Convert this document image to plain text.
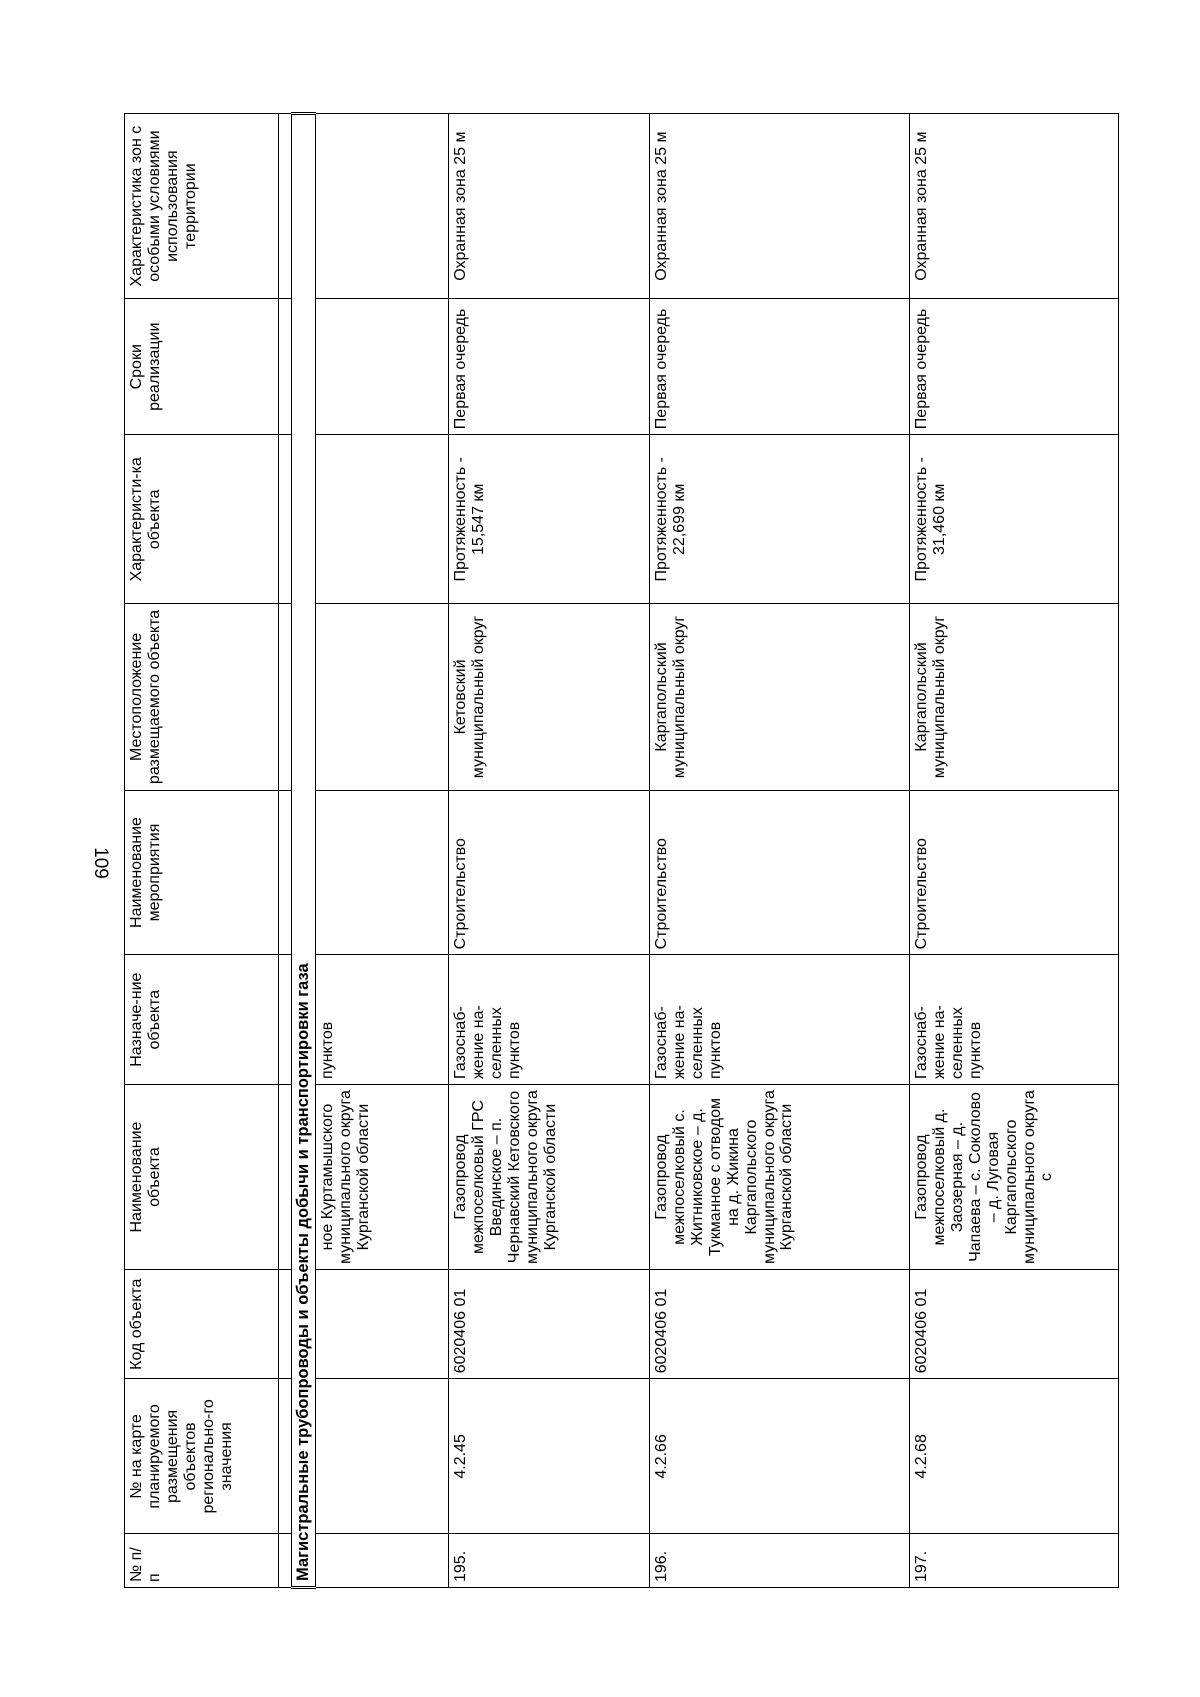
109
№ п/п	№ на карте планируемого размещения объектов регионально-го значения	Код объекта	Наименование объекта	Назначе-ние объекта	Наименование мероприятия	Местоположение размещаемого объекта	Характеристи-ка объекта	Сроки реализации	Характеристика зон с особыми условиями использования территории

Магистральные трубопроводы и объекты добычи и транспортировки газа									
			ное Куртамышского муниципального округа Курганской области	пунктов					
195.	4.2.45	6020406 01	Газопровод межпоселковый ГРС Введинское – п. Чернавский Кетовского муниципального округа Курганской области	Газоснаб-жение на-селенных пунктов	Строительство	Кетовский муниципальный округ	Протяженность - 15,547 км	Первая очередь	Охранная зона 25 м
196.	4.2.66	6020406 01	Газопровод межпоселковый с. Житниковское – д. Тукманное с отводом на д. Жикина Каргапольского муниципального округа Курганской области	Газоснаб-жение на-селенных пунктов	Строительство	Каргапольский муниципальный округ	Протяженность - 22,699 км	Первая очередь	Охранная зона 25 м
197.	4.2.68	6020406 01	Газопровод межпоселковый д. Заозерная – д. Чапаева – с. Соколово – д. Луговая Каргапольского муниципального округа с	Газоснаб-жение на-селенных пунктов	Строительство	Каргапольский муниципальный округ	Протяженность - 31,460 км	Первая очередь	Охранная зона 25 м
